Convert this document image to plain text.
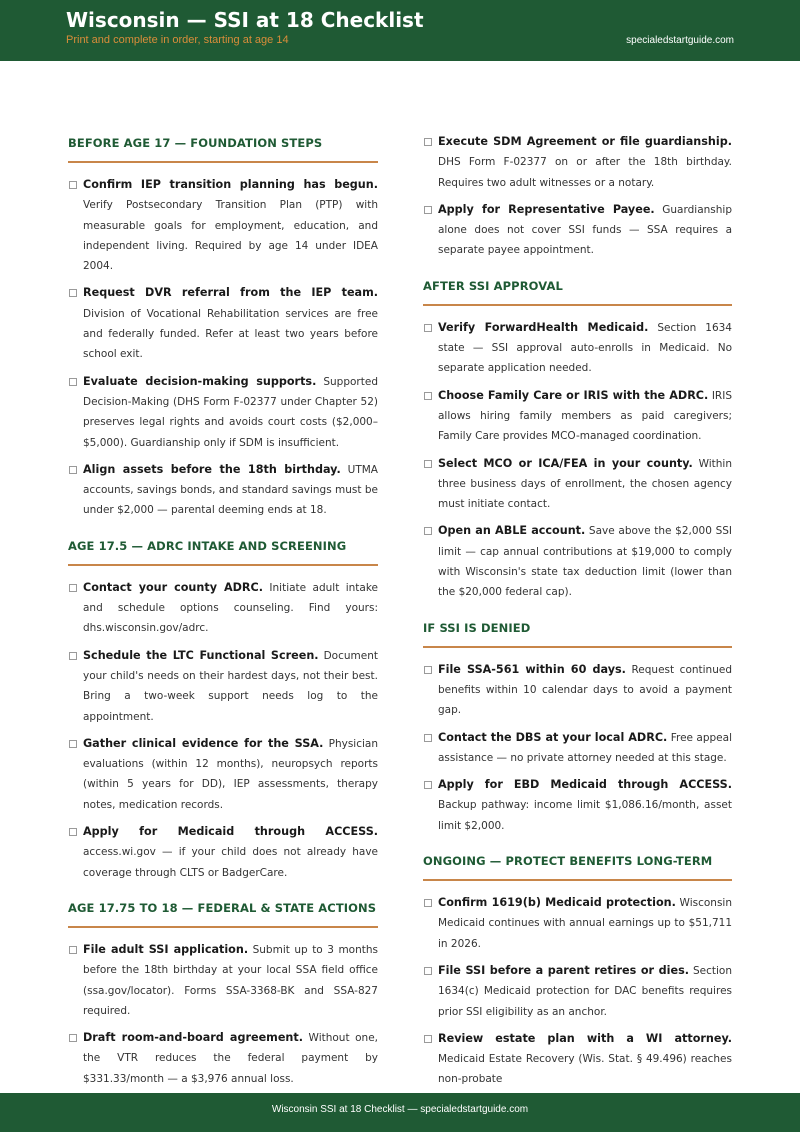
Wisconsin — SSI at 18 Checklist
Print and complete in order, starting at age 14	specialedstartguide.com
BEFORE AGE 17 — FOUNDATION STEPS
Confirm IEP transition planning has begun. Verify Postsecondary Transition Plan (PTP) with measurable goals for employment, education, and independent living. Required by age 14 under IDEA 2004.
Request DVR referral from the IEP team. Division of Vocational Rehabilitation services are free and federally funded. Refer at least two years before school exit.
Evaluate decision-making supports. Supported Decision-Making (DHS Form F-02377 under Chapter 52) preserves legal rights and avoids court costs ($2,000–$5,000). Guardianship only if SDM is insufficient.
Align assets before the 18th birthday. UTMA accounts, savings bonds, and standard savings must be under $2,000 — parental deeming ends at 18.
AGE 17.5 — ADRC INTAKE AND SCREENING
Contact your county ADRC. Initiate adult intake and schedule options counseling. Find yours: dhs.wisconsin.gov/adrc.
Schedule the LTC Functional Screen. Document your child's needs on their hardest days, not their best. Bring a two-week support needs log to the appointment.
Gather clinical evidence for the SSA. Physician evaluations (within 12 months), neuropsych reports (within 5 years for DD), IEP assessments, therapy notes, medication records.
Apply for Medicaid through ACCESS. access.wi.gov — if your child does not already have coverage through CLTS or BadgerCare.
AGE 17.75 TO 18 — FEDERAL & STATE ACTIONS
File adult SSI application. Submit up to 3 months before the 18th birthday at your local SSA field office (ssa.gov/locator). Forms SSA-3368-BK and SSA-827 required.
Draft room-and-board agreement. Without one, the VTR reduces the federal payment by $331.33/month — a $3,976 annual loss.
Execute SDM Agreement or file guardianship. DHS Form F-02377 on or after the 18th birthday. Requires two adult witnesses or a notary.
Apply for Representative Payee. Guardianship alone does not cover SSI funds — SSA requires a separate payee appointment.
AFTER SSI APPROVAL
Verify ForwardHealth Medicaid. Section 1634 state — SSI approval auto-enrolls in Medicaid. No separate application needed.
Choose Family Care or IRIS with the ADRC. IRIS allows hiring family members as paid caregivers; Family Care provides MCO-managed coordination.
Select MCO or ICA/FEA in your county. Within three business days of enrollment, the chosen agency must initiate contact.
Open an ABLE account. Save above the $2,000 SSI limit — cap annual contributions at $19,000 to comply with Wisconsin's state tax deduction limit (lower than the $20,000 federal cap).
IF SSI IS DENIED
File SSA-561 within 60 days. Request continued benefits within 10 calendar days to avoid a payment gap.
Contact the DBS at your local ADRC. Free appeal assistance — no private attorney needed at this stage.
Apply for EBD Medicaid through ACCESS. Backup pathway: income limit $1,086.16/month, asset limit $2,000.
ONGOING — PROTECT BENEFITS LONG-TERM
Confirm 1619(b) Medicaid protection. Wisconsin Medicaid continues with annual earnings up to $51,711 in 2026.
File SSI before a parent retires or dies. Section 1634(c) Medicaid protection for DAC benefits requires prior SSI eligibility as an anchor.
Review estate plan with a WI attorney. Medicaid Estate Recovery (Wis. Stat. § 49.496) reaches non-probate
Wisconsin SSI at 18 Checklist — specialedstartguide.com
